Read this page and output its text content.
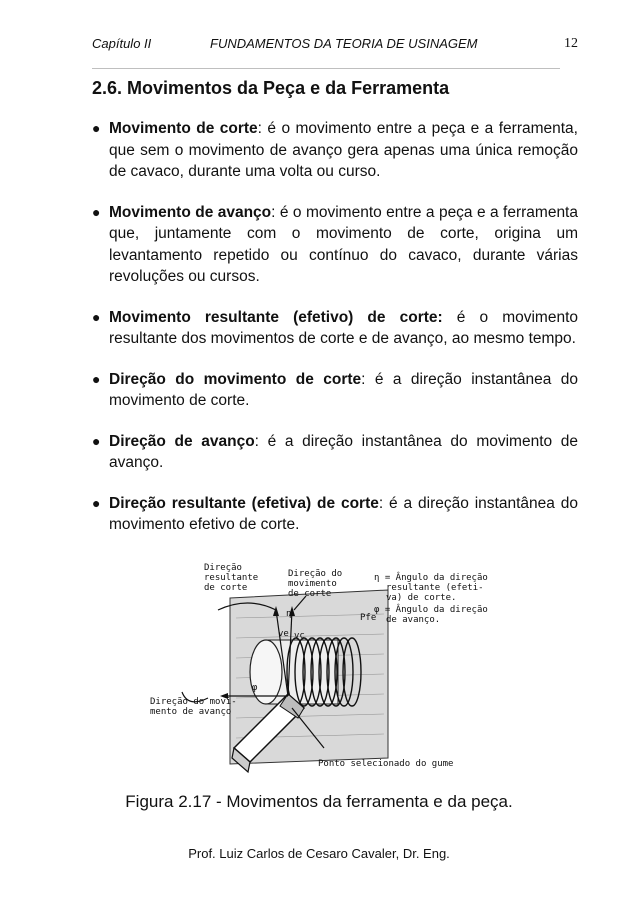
Capítulo II	FUNDAMENTOS DA TEORIA DE USINAGEM	12
2.6. Movimentos da Peça e da Ferramenta
● Movimento de corte: é o movimento entre a peça e a ferramenta, que sem o movimento de avanço gera apenas uma única remoção de cavaco, durante uma volta ou curso.
● Movimento de avanço: é o movimento entre a peça e a ferramenta que, juntamente com o movimento de corte, origina um levantamento repetido ou contínuo do cavaco, durante várias revoluções ou cursos.
● Movimento resultante (efetivo) de corte: é o movimento resultante dos movimentos de corte e de avanço, ao mesmo tempo.
● Direção do movimento de corte: é a direção instantânea do movimento de corte.
● Direção de avanço: é a direção instantânea do movimento de avanço.
● Direção resultante (efetiva) de corte: é a direção instantânea do movimento efetivo de corte.
ve vc
η
φ
Pfe
Direção
resultante
de corte
Direção do
movimento
de corte
Direção do movi-
mento de avanço
Ponto selecionado do gume
η = Ângulo da direção
resultante (efeti-
va) de corte.
φ = Ângulo da direção
de avanço.
Figura 2.17 - Movimentos da ferramenta e da peça.
Prof. Luiz Carlos de Cesaro Cavaler, Dr. Eng.
